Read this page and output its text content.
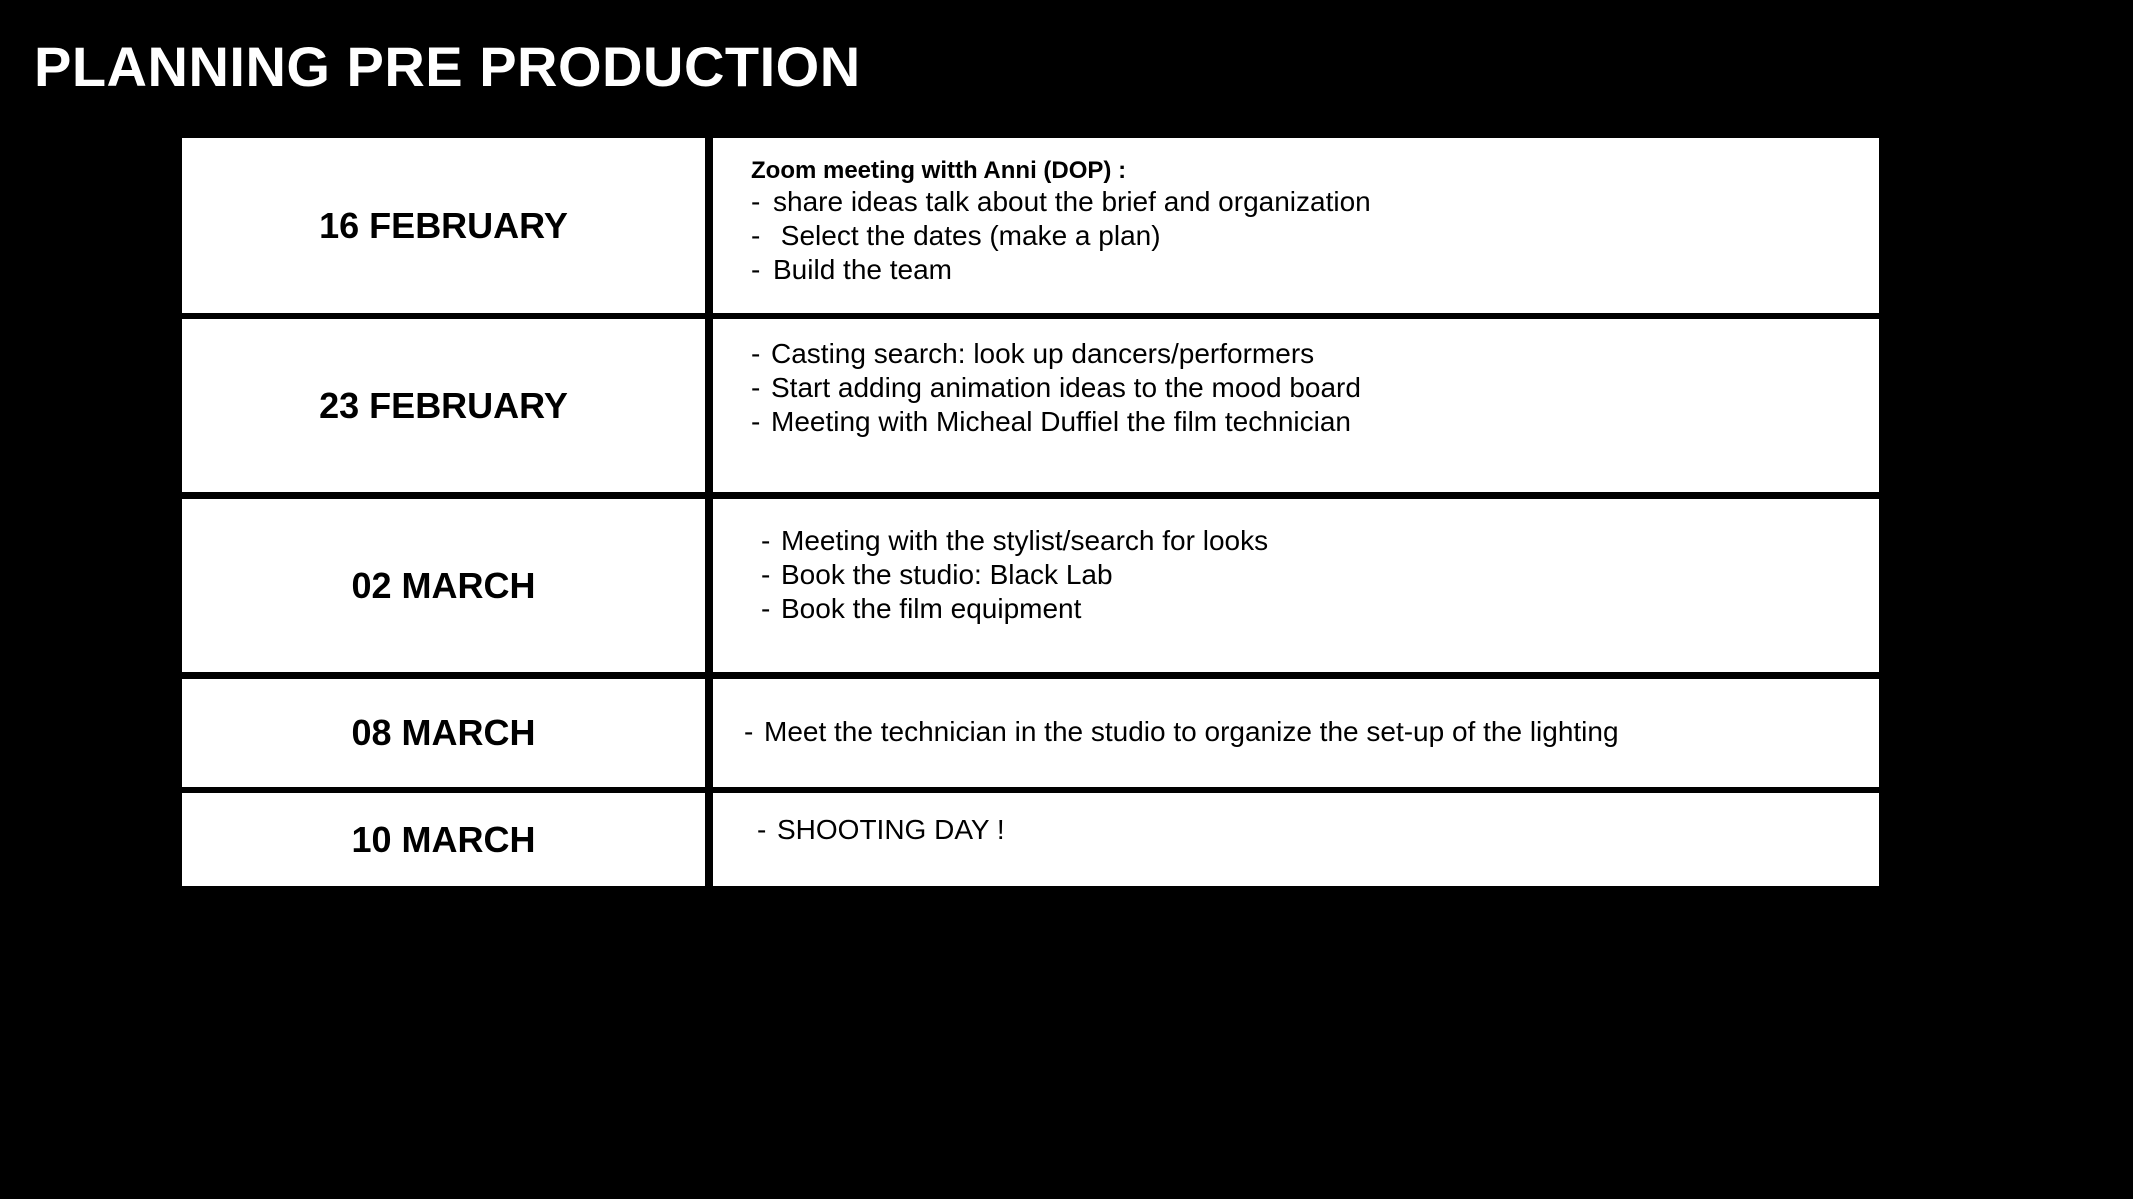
PLANNING PRE PRODUCTION
16 FEBRUARY
Zoom meeting witth Anni (DOP) :
- share ideas talk about the brief and organization
- Select the dates (make a plan)
- Build the team
23 FEBRUARY
- Casting search: look up dancers/performers
- Start adding animation ideas to the mood board
- Meeting with Micheal Duffiel the film technician
02 MARCH
- Meeting with the stylist/search for looks
- Book the studio: Black Lab
- Book the film equipment
08 MARCH	- Meet the technician in the studio to organize the set-up of the lighting
10 MARCH	- SHOOTING DAY !
